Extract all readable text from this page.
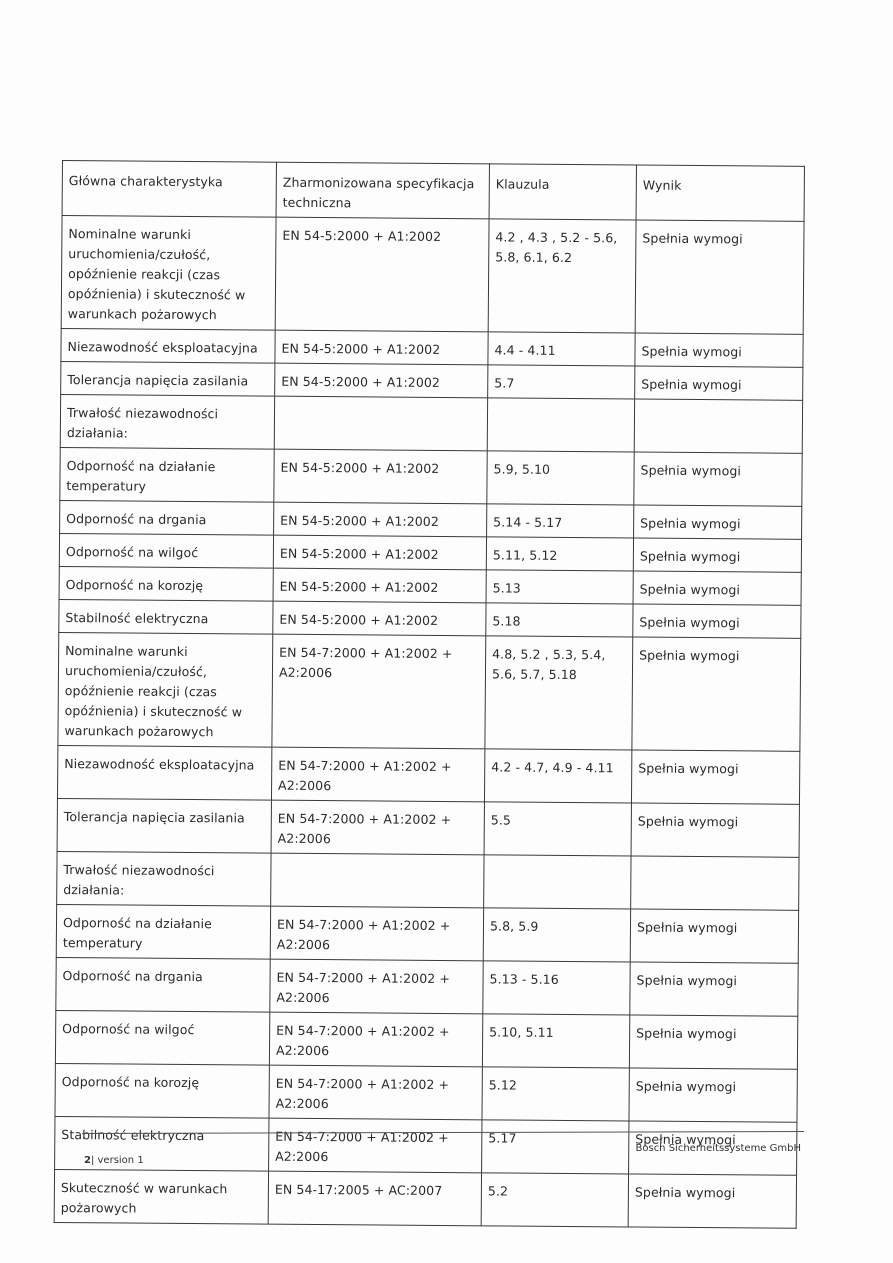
Główna charakterystyka	Zharmonizowana specyfikacja techniczna	Klauzula	Wynik
Nominalne warunki uruchomienia/czułość, opóźnienie reakcji (czas opóźnienia) i skuteczność w warunkach pożarowych	EN 54-5:2000 + A1:2002	4.2 , 4.3 , 5.2 - 5.6, 5.8, 6.1, 6.2	Spełnia wymogi
Niezawodność eksploatacyjna	EN 54-5:2000 + A1:2002	4.4 - 4.11	Spełnia wymogi
Tolerancja napięcia zasilania	EN 54-5:2000 + A1:2002	5.7	Spełnia wymogi
Trwałość niezawodności działania:			
Odporność na działanie temperatury	EN 54-5:2000 + A1:2002	5.9, 5.10	Spełnia wymogi
Odporność na drgania	EN 54-5:2000 + A1:2002	5.14 - 5.17	Spełnia wymogi
Odporność na wilgoć	EN 54-5:2000 + A1:2002	5.11, 5.12	Spełnia wymogi
Odporność na korozję	EN 54-5:2000 + A1:2002	5.13	Spełnia wymogi
Stabilność elektryczna	EN 54-5:2000 + A1:2002	5.18	Spełnia wymogi
Nominalne warunki uruchomienia/czułość, opóźnienie reakcji (czas opóźnienia) i skuteczność w warunkach pożarowych	EN 54-7:2000 + A1:2002 + A2:2006	4.8, 5.2 , 5.3, 5.4, 5.6, 5.7, 5.18	Spełnia wymogi
Niezawodność eksploatacyjna	EN 54-7:2000 + A1:2002 + A2:2006	4.2 - 4.7, 4.9 - 4.11	Spełnia wymogi
Tolerancja napięcia zasilania	EN 54-7:2000 + A1:2002 + A2:2006	5.5	Spełnia wymogi
Trwałość niezawodności działania:			
Odporność na działanie temperatury	EN 54-7:2000 + A1:2002 + A2:2006	5.8, 5.9	Spełnia wymogi
Odporność na drgania	EN 54-7:2000 + A1:2002 + A2:2006	5.13 - 5.16	Spełnia wymogi
Odporność na wilgoć	EN 54-7:2000 + A1:2002 + A2:2006	5.10, 5.11	Spełnia wymogi
Odporność na korozję	EN 54-7:2000 + A1:2002 + A2:2006	5.12	Spełnia wymogi
Stabilność elektryczna	EN 54-7:2000 + A1:2002 + A2:2006	5.17	Spełnia wymogi
Skuteczność w warunkach pożarowych	EN 54-17:2005 + AC:2007	5.2	Spełnia wymogi
2| version 1
Bosch Sicherheitssysteme GmbH
